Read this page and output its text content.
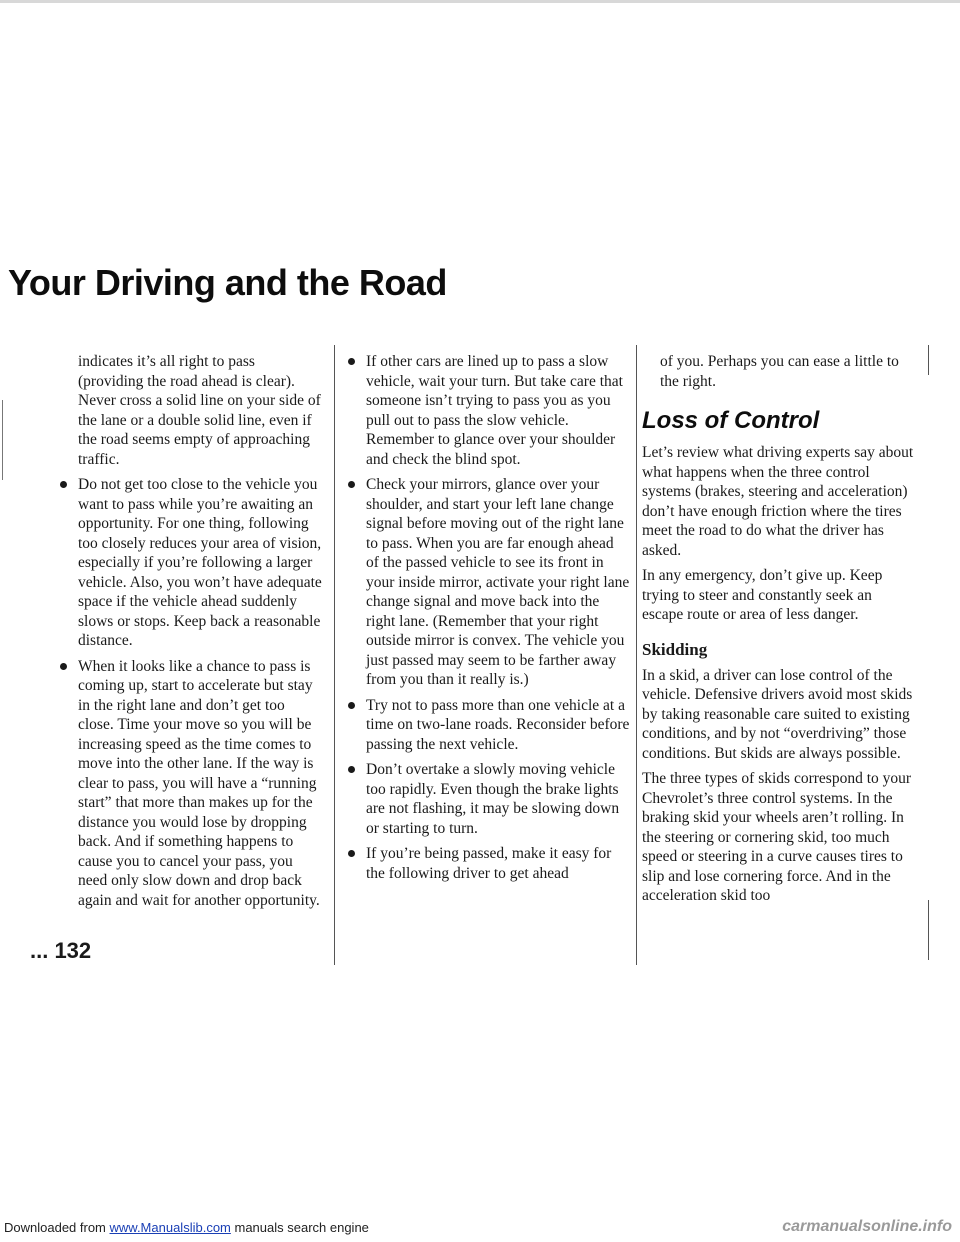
Your Driving and the Road

indicates it’s all right to pass (providing the road ahead is clear). Never cross a solid line on your side of the lane or a double solid line, even if the road seems empty of approaching traffic.

Do not get too close to the vehicle you want to pass while you’re awaiting an opportunity. For one thing, following too closely reduces your area of vision, especially if you’re following a larger vehicle. Also, you won’t have adequate space if the vehicle ahead suddenly slows or stops. Keep back a reasonable distance.
When it looks like a chance to pass is coming up, start to accelerate but stay in the right lane and don’t get too close. Time your move so you will be increasing speed as the time comes to move into the other lane. If the way is clear to pass, you will have a “running start” that more than makes up for the distance you would lose by dropping back. And if something happens to cause you to cancel your pass, you need only slow down and drop back again and wait for another opportunity.
If other cars are lined up to pass a slow vehicle, wait your turn. But take care that someone isn’t trying to pass you as you pull out to pass the slow vehicle. Remember to glance over your shoulder and check the blind spot.
Check your mirrors, glance over your shoulder, and start your left lane change signal before moving out of the right lane to pass. When you are far enough ahead of the passed vehicle to see its front in your inside mirror, activate your right lane change signal and move back into the right lane. (Remember that your right outside mirror is convex. The vehicle you just passed may seem to be farther away from you than it really is.)
Try not to pass more than one vehicle at a time on two-lane roads. Reconsider before passing the next vehicle.
Don’t overtake a slowly moving vehicle too rapidly. Even though the brake lights are not flashing, it may be slowing down or starting to turn.
If you’re being passed, make it easy for the following driver to get ahead

of you. Perhaps you can ease a little to the right.

Loss of Control

Let’s review what driving experts say about what happens when the three control systems (brakes, steering and acceleration) don’t have enough friction where the tires meet the road to do what the driver has asked.

In any emergency, don’t give up. Keep trying to steer and constantly seek an escape route or area of less danger.

Skidding

In a skid, a driver can lose control of the vehicle. Defensive drivers avoid most skids by taking reasonable care suited to existing conditions, and by not “overdriving” those conditions. But skids are always possible.

The three types of skids correspond to your Chevrolet’s three control systems. In the braking skid your wheels aren’t rolling. In the steering or cornering skid, too much speed or steering in a curve causes tires to slip and lose cornering force. And in the acceleration skid too

... 132
Downloaded from www.Manualslib.com manuals search engine	carmanualsonline.info
